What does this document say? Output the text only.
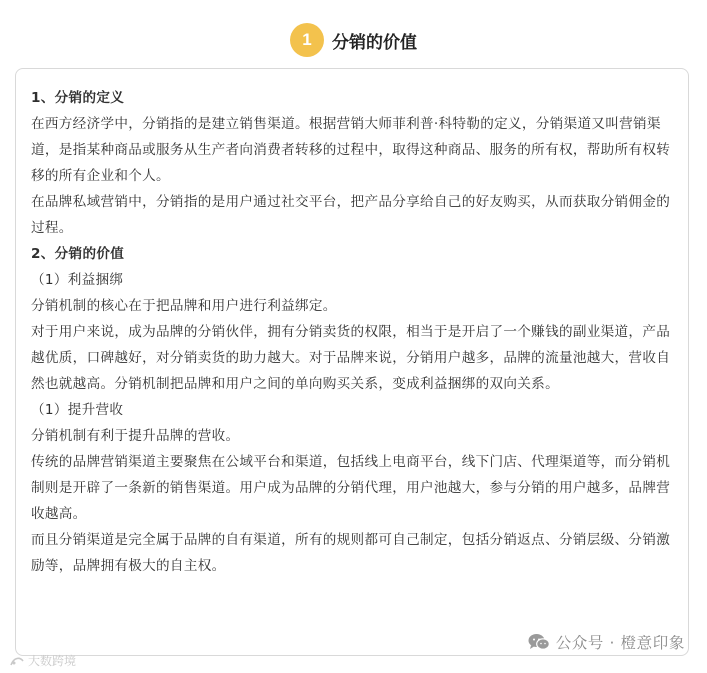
1	分销的价值

1、分销的定义

在西方经济学中，分销指的是建立销售渠道。根据营销大师菲利普·科特勒的定义，分销渠道又叫营销渠道，是指某种商品或服务从生产者向消费者转移的过程中，取得这种商品、服务的所有权，帮助所有权转移的所有企业和个人。

在品牌私域营销中，分销指的是用户通过社交平台，把产品分享给自己的好友购买，从而获取分销佣金的过程。

2、分销的价值

（1）利益捆绑

分销机制的核心在于把品牌和用户进行利益绑定。

对于用户来说，成为品牌的分销伙伴，拥有分销卖货的权限，相当于是开启了一个赚钱的副业渠道，产品越优质，口碑越好，对分销卖货的助力越大。对于品牌来说，分销用户越多，品牌的流量池越大，营收自然也就越高。分销机制把品牌和用户之间的单向购买关系，变成利益捆绑的双向关系。

（1）提升营收

分销机制有利于提升品牌的营收。

传统的品牌营销渠道主要聚焦在公域平台和渠道，包括线上电商平台，线下门店、代理渠道等，而分销机制则是开辟了一条新的销售渠道。用户成为品牌的分销代理，用户池越大，参与分销的用户越多，品牌营收越高。

而且分销渠道是完全属于品牌的自有渠道，所有的规则都可自己制定，包括分销返点、分销层级、分销激励等，品牌拥有极大的自主权。

公众号 · 橙意印象
大数跨境
